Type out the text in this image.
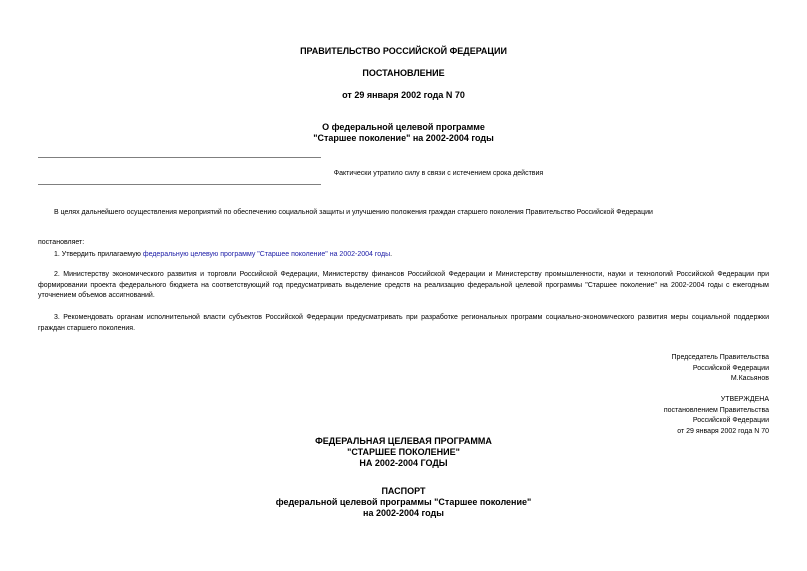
ПРАВИТЕЛЬСТВО РОССИЙСКОЙ ФЕДЕРАЦИИ
ПОСТАНОВЛЕНИЕ
от 29 января 2002 года N 70
О федеральной целевой программе
"Старшее поколение" на 2002-2004 годы
Фактически утратило силу в связи с истечением срока действия
В целях дальнейшего осуществления мероприятий по обеспечению социальной защиты и улучшению положения граждан старшего поколения Правительство Российской Федерации
постановляет:
1. Утвердить прилагаемую федеральную целевую программу "Старшее поколение" на 2002-2004 годы.
2. Министерству экономического развития и торговли Российской Федерации, Министерству финансов Российской Федерации и Министерству промышленности, науки и технологий Российской Федерации при формировании проекта федерального бюджета на соответствующий год предусматривать выделение средств на реализацию федеральной целевой программы "Старшее поколение" на 2002-2004 годы с ежегодным уточнением объемов ассигнований.
3. Рекомендовать органам исполнительной власти субъектов Российской Федерации предусматривать при разработке региональных программ социально-экономического развития меры социальной поддержки граждан старшего поколения.
Председатель Правительства
Российской Федерации
М.Касьянов
УТВЕРЖДЕНА
постановлением Правительства
Российской Федерации
от 29 января 2002 года N 70
ФЕДЕРАЛЬНАЯ ЦЕЛЕВАЯ ПРОГРАММА
"СТАРШЕЕ ПОКОЛЕНИЕ"
НА 2002-2004 ГОДЫ
ПАСПОРТ
федеральной целевой программы "Старшее поколение"
на 2002-2004 годы
